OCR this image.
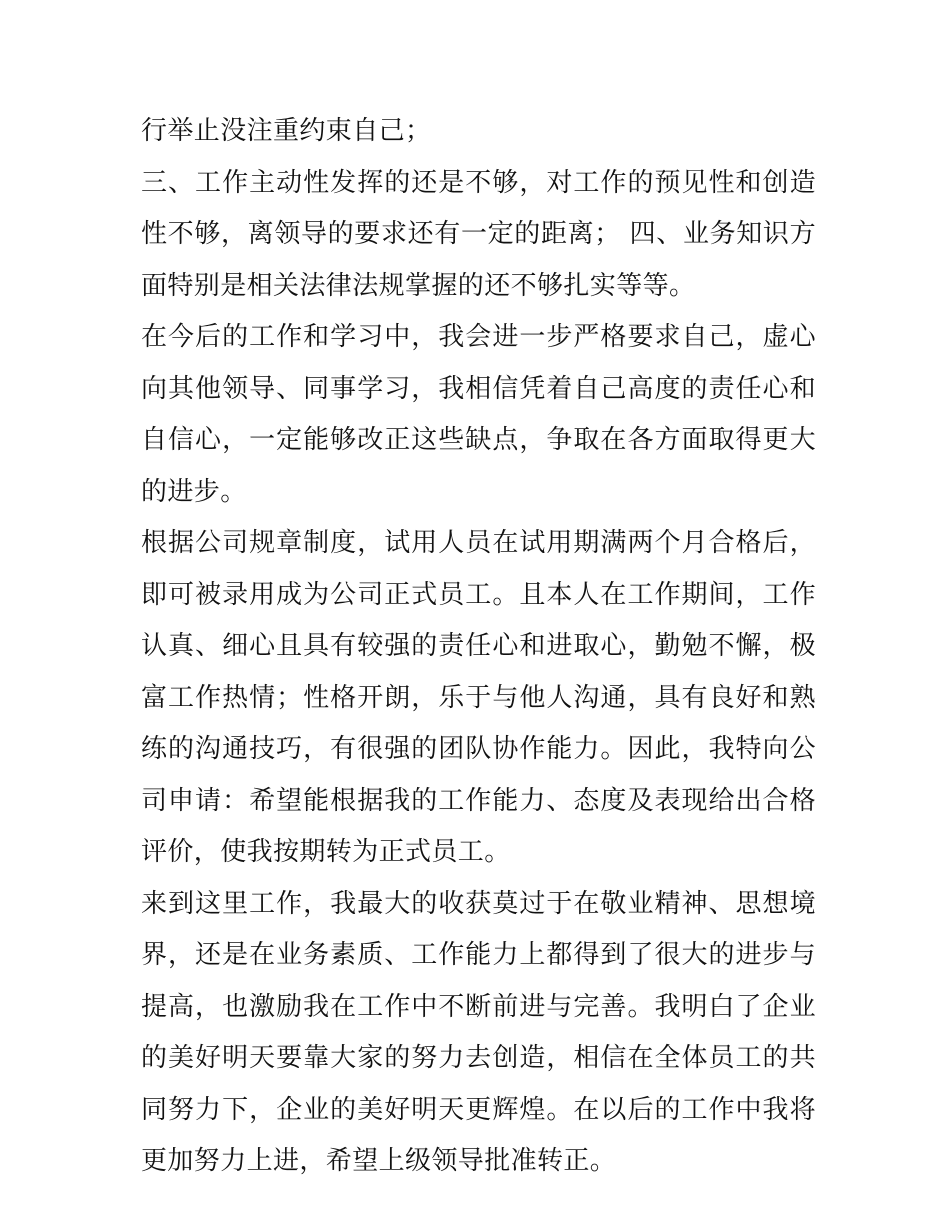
行举止没注重约束自己；

三、工作主动性发挥的还是不够，对工作的预见性和创造性不够，离领导的要求还有一定的距离； 四、业务知识方面特别是相关法律法规掌握的还不够扎实等等。

在今后的工作和学习中，我会进一步严格要求自己，虚心向其他领导、同事学习，我相信凭着自己高度的责任心和自信心，一定能够改正这些缺点，争取在各方面取得更大的进步。

根据公司规章制度，试用人员在试用期满两个月合格后，即可被录用成为公司正式员工。且本人在工作期间，工作认真、细心且具有较强的责任心和进取心，勤勉不懈，极富工作热情；性格开朗，乐于与他人沟通，具有良好和熟练的沟通技巧，有很强的团队协作能力。因此，我特向公司申请：希望能根据我的工作能力、态度及表现给出合格评价，使我按期转为正式员工。

来到这里工作，我最大的收获莫过于在敬业精神、思想境界，还是在业务素质、工作能力上都得到了很大的进步与提高，也激励我在工作中不断前进与完善。我明白了企业的美好明天要靠大家的努力去创造，相信在全体员工的共同努力下，企业的美好明天更辉煌。在以后的工作中我将更加努力上进，希望上级领导批准转正。
